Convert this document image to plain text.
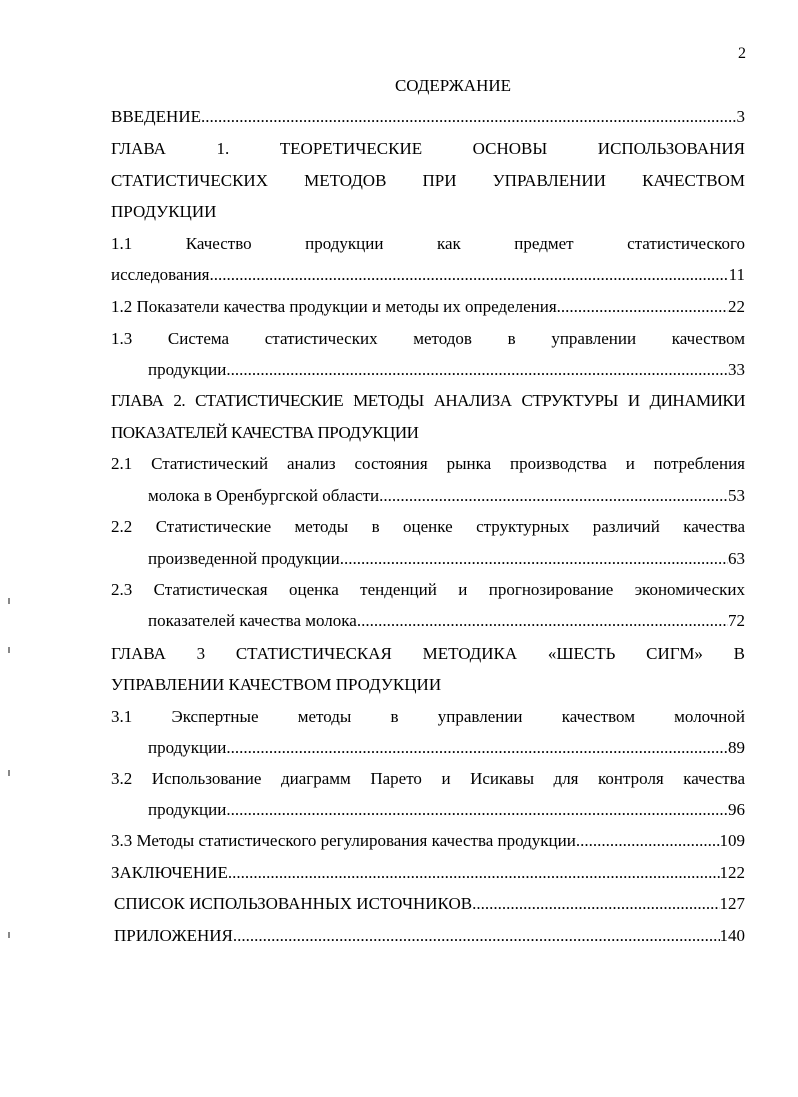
2
СОДЕРЖАНИЕ
ВВЕДЕНИЕ .....	3
ГЛАВА 1. ТЕОРЕТИЧЕСКИЕ ОСНОВЫ ИСПОЛЬЗОВАНИЯ
СТАТИСТИЧЕСКИХ МЕТОДОВ ПРИ УПРАВЛЕНИИ КАЧЕСТВОМ
ПРОДУКЦИИ
1.1 Качество продукции как предмет статистического
исследования .....	11
1.2 Показатели качества продукции и методы их определения .....	22
1.3 Система статистических методов в управлении качеством
продукции .....	33
ГЛАВА 2. СТАТИСТИЧЕСКИЕ МЕТОДЫ АНАЛИЗА СТРУКТУРЫ И ДИНАМИКИ
ПОКАЗАТЕЛЕЙ КАЧЕСТВА ПРОДУКЦИИ
2.1 Статистический анализ состояния рынка производства и потребления
молока в Оренбургской области .....	53
2.2 Статистические методы в оценке структурных различий качества
произведенной продукции .....	63
2.3 Статистическая оценка тенденций и прогнозирование экономических
показателей качества молока .....	72
ГЛАВА 3 СТАТИСТИЧЕСКАЯ МЕТОДИКА «ШЕСТЬ СИГМ» В
УПРАВЛЕНИИ КАЧЕСТВОМ ПРОДУКЦИИ
3.1 Экспертные методы в управлении качеством молочной
продукции .....	89
3.2 Использование диаграмм Парето и Исикавы для контроля качества
продукции .....	96
3.3 Методы статистического регулирования качества продукции .....	109
ЗАКЛЮЧЕНИЕ .....	122
СПИСОК ИСПОЛЬЗОВАННЫХ ИСТОЧНИКОВ .....	127
ПРИЛОЖЕНИЯ .....	140
